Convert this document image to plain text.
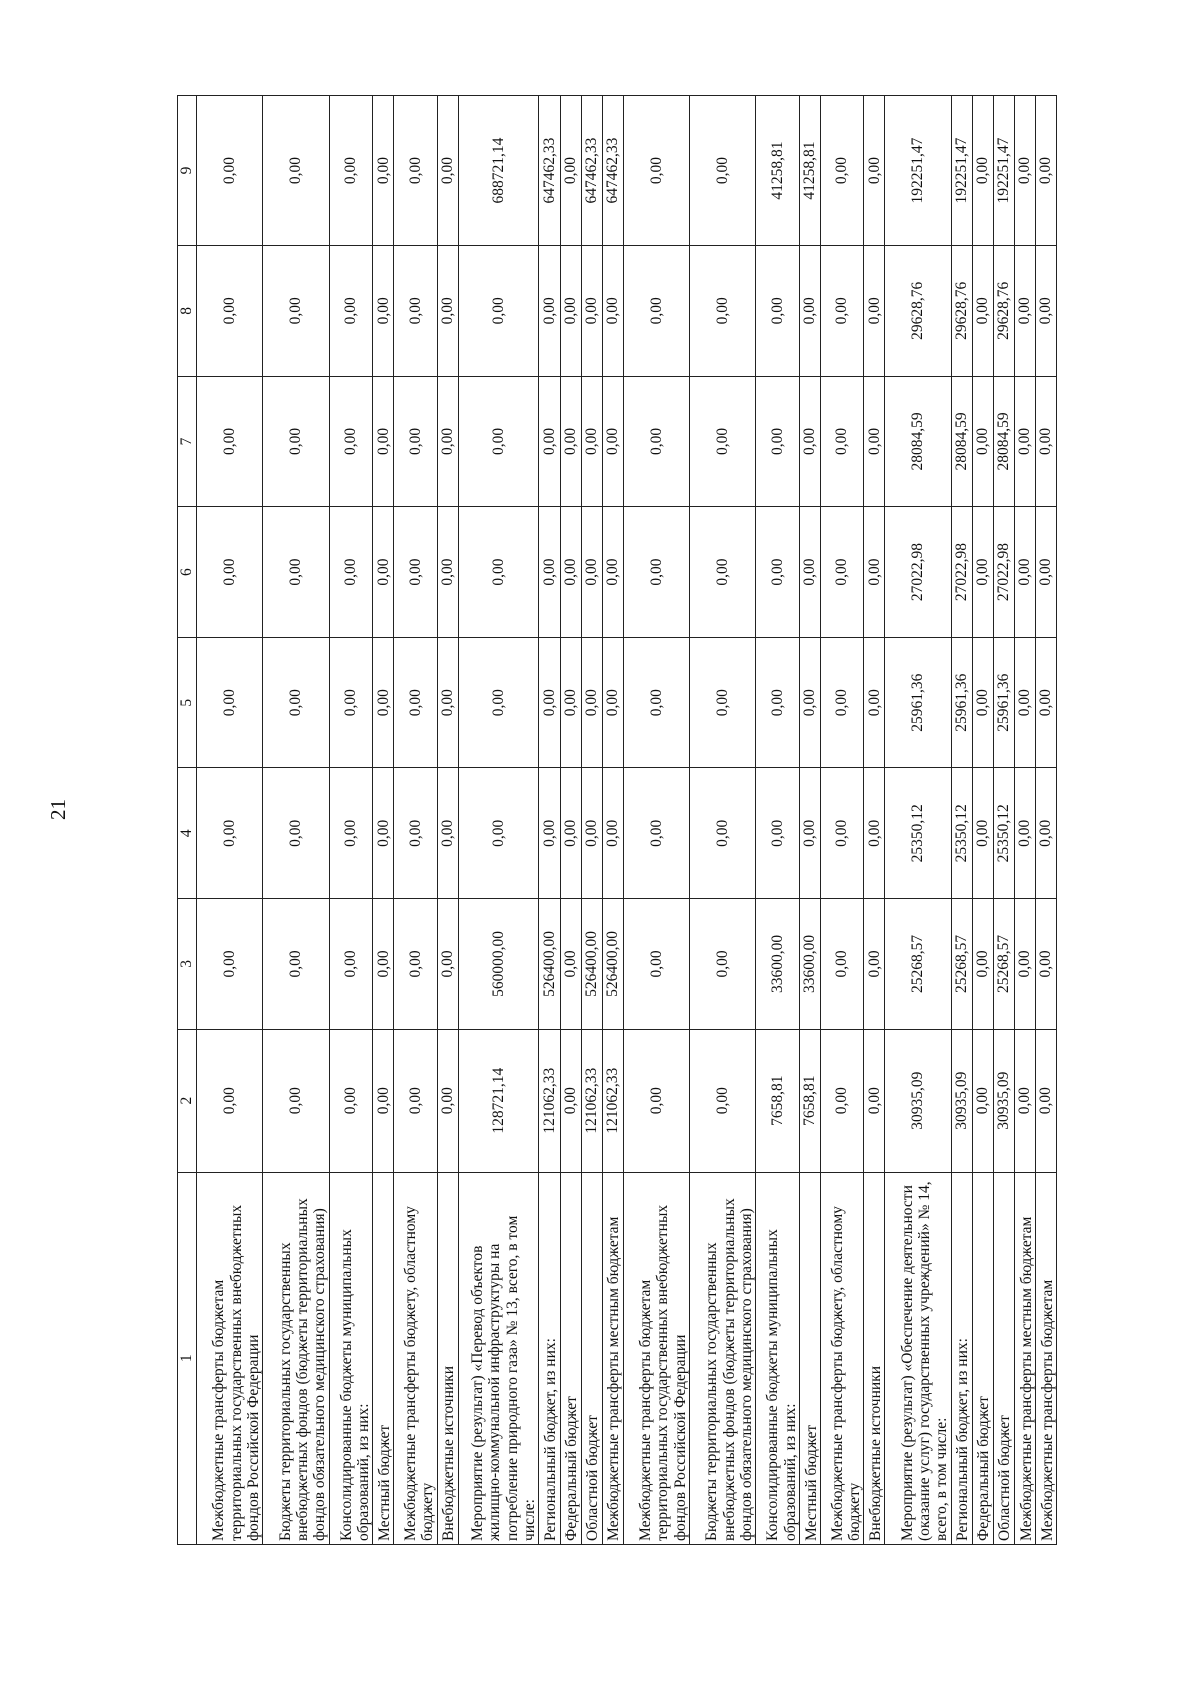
21
1	2	3	4	5	6	7	8	9
Межбюджетные трансферты бюджетам территориальных государственных внебюджетных фондов Российской Федерации	0,00	0,00	0,00	0,00	0,00	0,00	0,00	0,00
Бюджеты территориальных государственных внебюджетных фондов (бюджеты территориальных фондов обязательного медицинского страхования)	0,00	0,00	0,00	0,00	0,00	0,00	0,00	0,00
Консолидированные бюджеты муниципальных образований, из них:	0,00	0,00	0,00	0,00	0,00	0,00	0,00	0,00
Местный бюджет	0,00	0,00	0,00	0,00	0,00	0,00	0,00	0,00
Межбюджетные трансферты бюджету, областному бюджету	0,00	0,00	0,00	0,00	0,00	0,00	0,00	0,00
Внебюджетные источники	0,00	0,00	0,00	0,00	0,00	0,00	0,00	0,00
Мероприятие (результат) «Перевод объектов жилищно-коммунальной инфраструктуры на потребление природного газа» № 13, всего, в том числе:	128721,14	560000,00	0,00	0,00	0,00	0,00	0,00	688721,14
Региональный бюджет, из них:	121062,33	526400,00	0,00	0,00	0,00	0,00	0,00	647462,33
Федеральный бюджет	0,00	0,00	0,00	0,00	0,00	0,00	0,00	0,00
Областной бюджет	121062,33	526400,00	0,00	0,00	0,00	0,00	0,00	647462,33
Межбюджетные трансферты местным бюджетам	121062,33	526400,00	0,00	0,00	0,00	0,00	0,00	647462,33
Межбюджетные трансферты бюджетам территориальных государственных внебюджетных фондов Российской Федерации	0,00	0,00	0,00	0,00	0,00	0,00	0,00	0,00
Бюджеты территориальных государственных внебюджетных фондов (бюджеты территориальных фондов обязательного медицинского страхования)	0,00	0,00	0,00	0,00	0,00	0,00	0,00	0,00
Консолидированные бюджеты муниципальных образований, из них:	7658,81	33600,00	0,00	0,00	0,00	0,00	0,00	41258,81
Местный бюджет	7658,81	33600,00	0,00	0,00	0,00	0,00	0,00	41258,81
Межбюджетные трансферты бюджету, областному бюджету	0,00	0,00	0,00	0,00	0,00	0,00	0,00	0,00
Внебюджетные источники	0,00	0,00	0,00	0,00	0,00	0,00	0,00	0,00
Мероприятие (результат) «Обеспечение деятельности (оказание услуг) государственных учреждений» № 14, всего, в том числе:	30935,09	25268,57	25350,12	25961,36	27022,98	28084,59	29628,76	192251,47
Региональный бюджет, из них:	30935,09	25268,57	25350,12	25961,36	27022,98	28084,59	29628,76	192251,47
Федеральный бюджет	0,00	0,00	0,00	0,00	0,00	0,00	0,00	0,00
Областной бюджет	30935,09	25268,57	25350,12	25961,36	27022,98	28084,59	29628,76	192251,47
Межбюджетные трансферты местным бюджетам	0,00	0,00	0,00	0,00	0,00	0,00	0,00	0,00
Межбюджетные трансферты бюджетам	0,00	0,00	0,00	0,00	0,00	0,00	0,00	0,00
